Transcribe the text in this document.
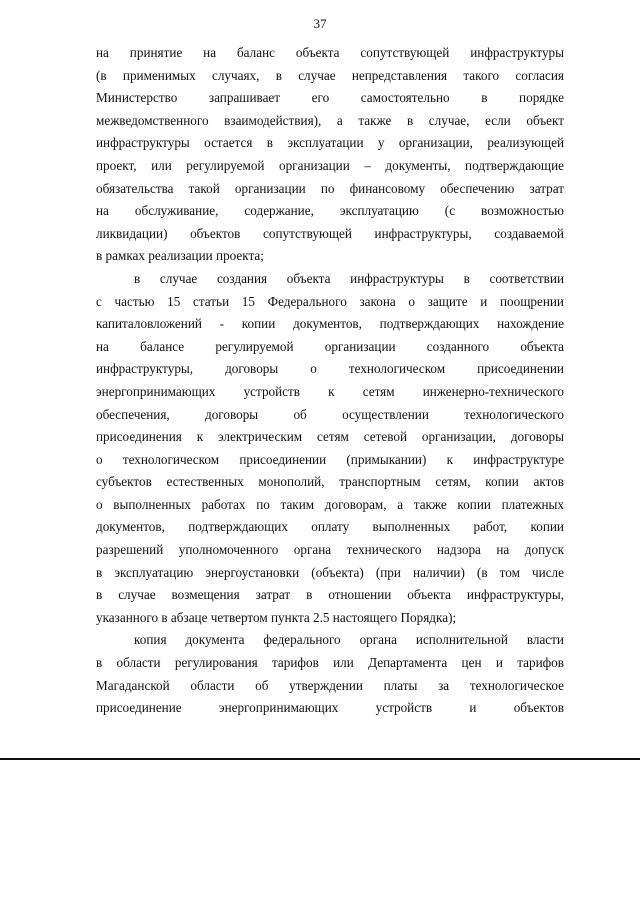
37
на принятие на баланс объекта сопутствующей инфраструктуры
(в применимых случаях, в случае непредставления такого согласия
Министерство запрашивает его самостоятельно в порядке
межведомственного взаимодействия), а также в случае, если объект
инфраструктуры остается в эксплуатации у организации, реализующей
проект, или регулируемой организации – документы, подтверждающие
обязательства такой организации по финансовому обеспечению затрат
на обслуживание, содержание, эксплуатацию (с возможностью
ликвидации) объектов сопутствующей инфраструктуры, создаваемой
в рамках реализации проекта;
в случае создания объекта инфраструктуры в соответствии
с частью 15 статьи 15 Федерального закона о защите и поощрении
капиталовложений - копии документов, подтверждающих нахождение
на балансе регулируемой организации созданного объекта
инфраструктуры, договоры о технологическом присоединении
энергопринимающих устройств к сетям инженерно-технического
обеспечения, договоры об осуществлении технологического
присоединения к электрическим сетям сетевой организации, договоры
о технологическом присоединении (примыкании) к инфраструктуре
субъектов естественных монополий, транспортным сетям, копии актов
о выполненных работах по таким договорам, а также копии платежных
документов, подтверждающих оплату выполненных работ, копии
разрешений уполномоченного органа технического надзора на допуск
в эксплуатацию энергоустановки (объекта) (при наличии) (в том числе
в случае возмещения затрат в отношении объекта инфраструктуры,
указанного в абзаце четвертом пункта 2.5 настоящего Порядка);
копия документа федерального органа исполнительной власти
в области регулирования тарифов или Департамента цен и тарифов
Магаданской области об утверждении платы за технологическое
присоединение энергопринимающих устройств и объектов
